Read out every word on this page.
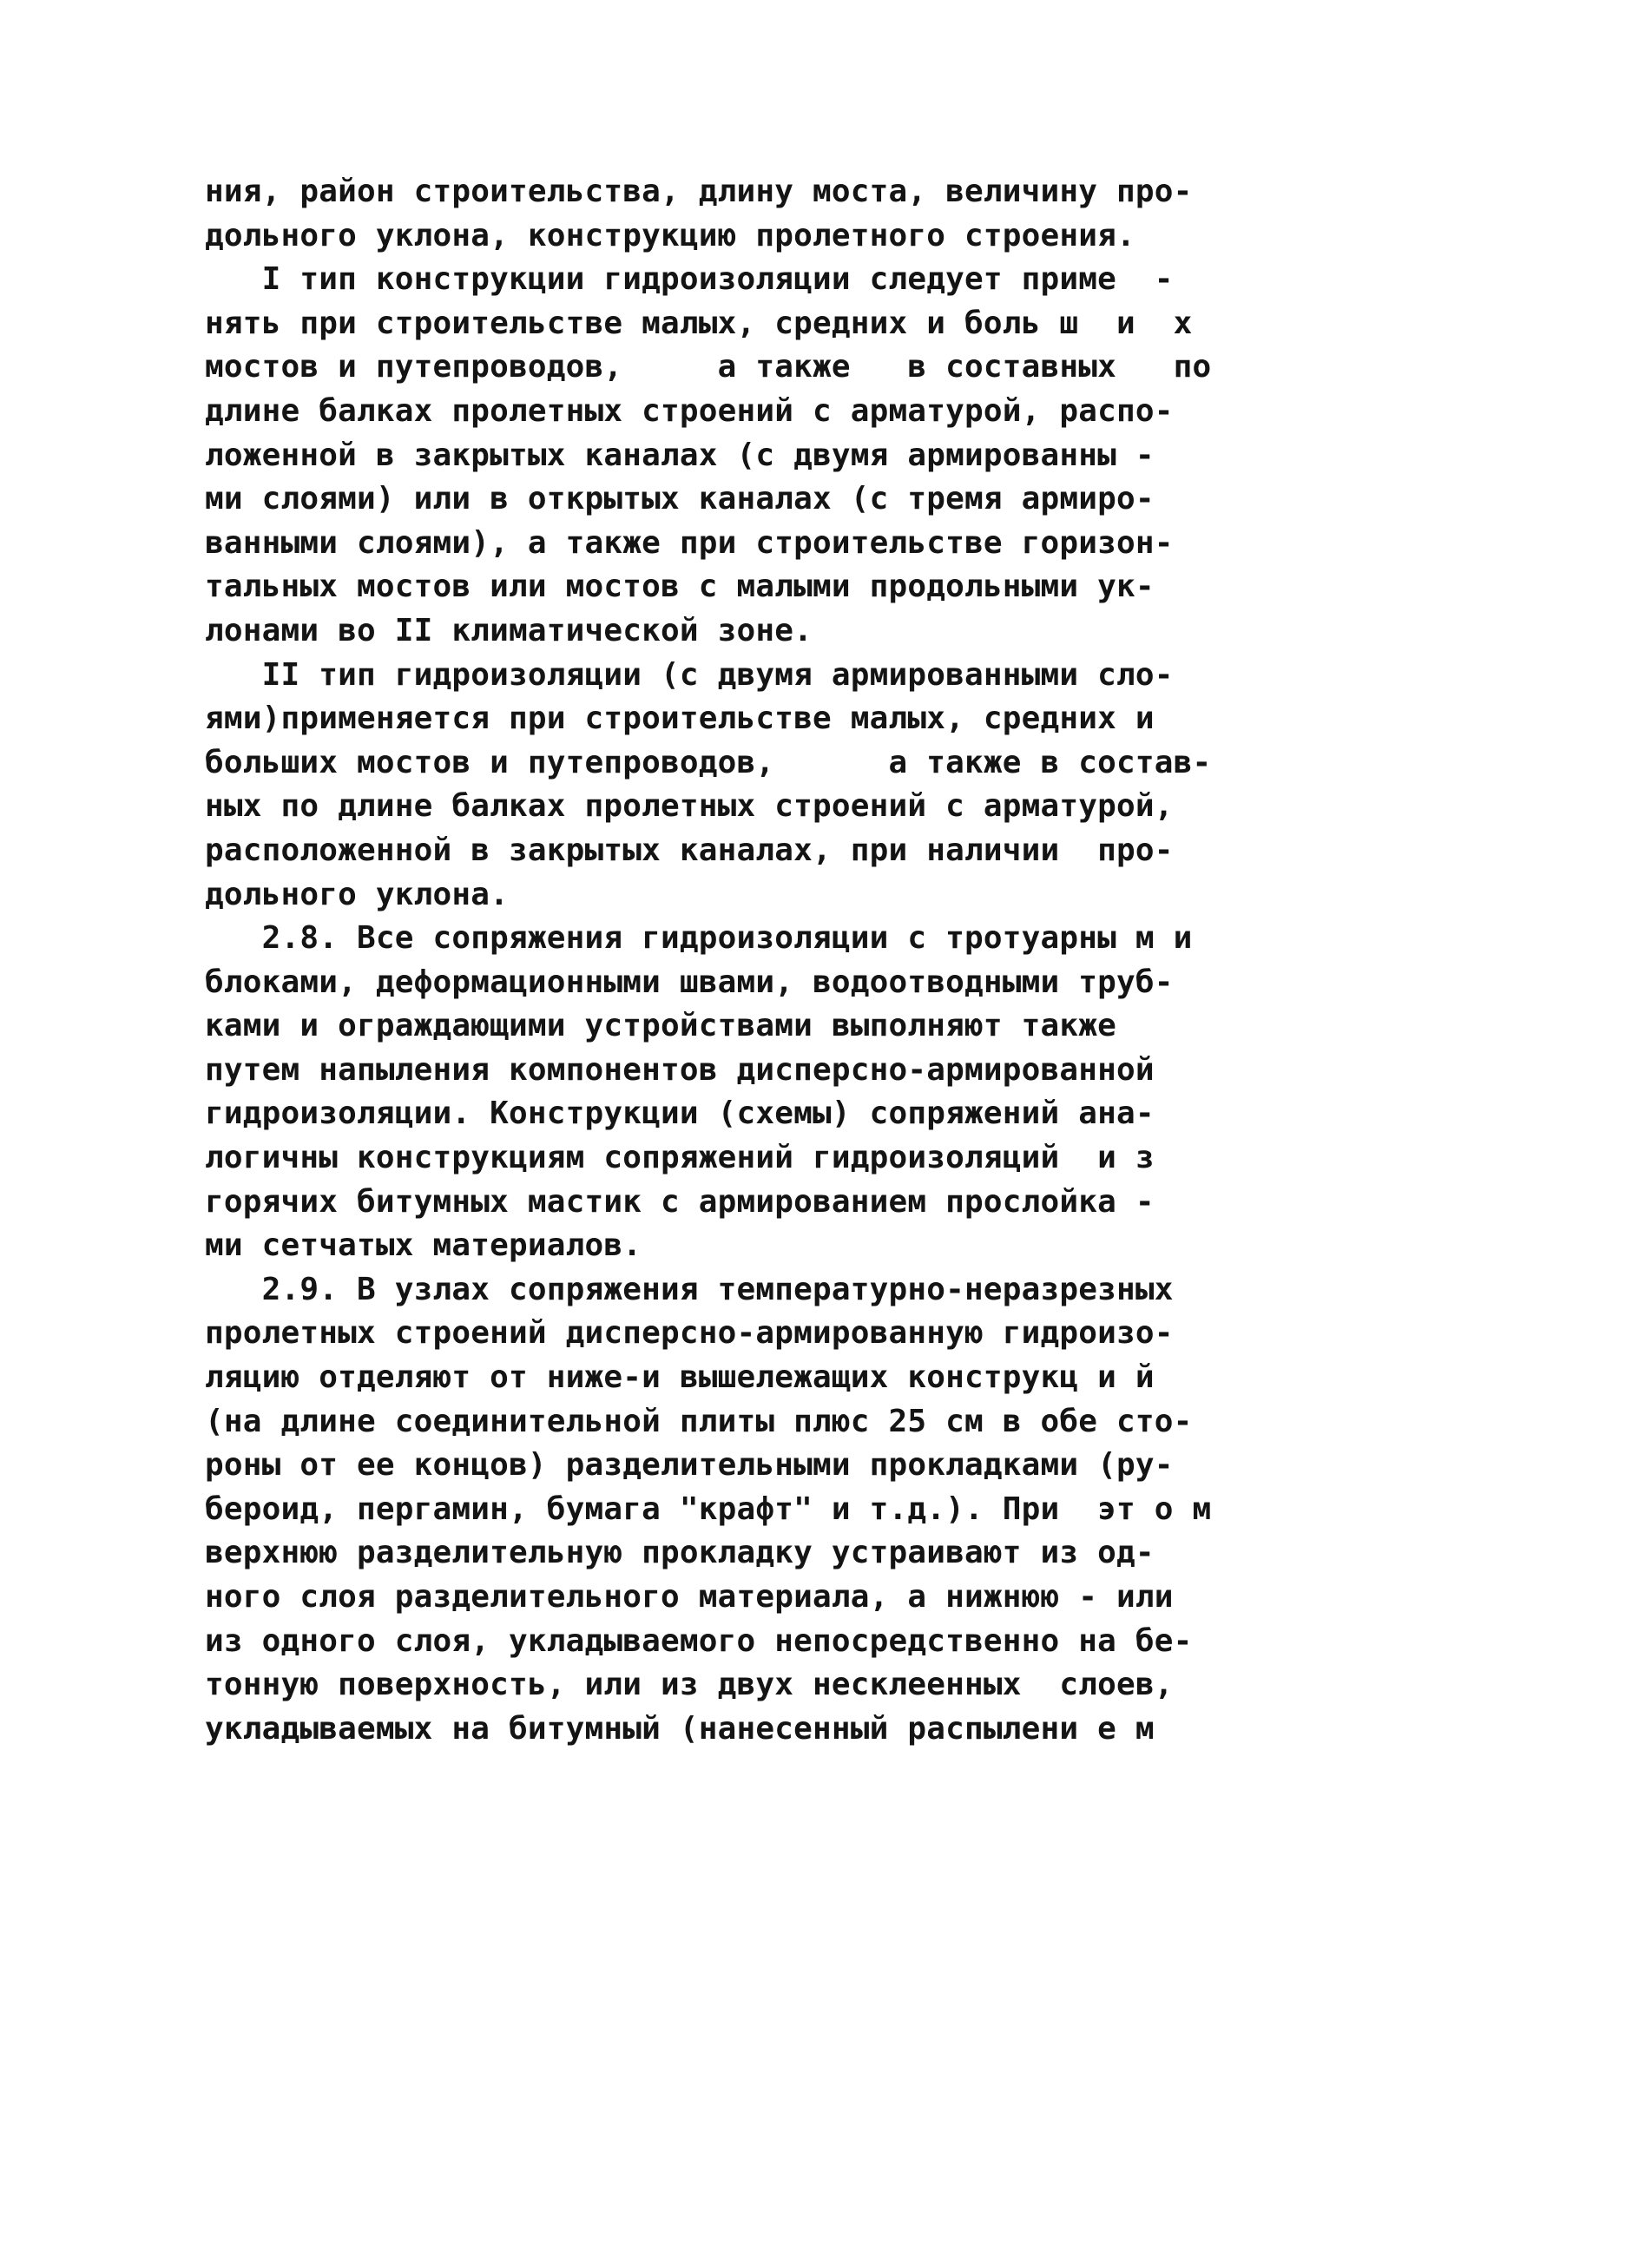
ния, район строительства, длину моста, величину про-
дольного уклона, конструкцию пролетного строения.
I тип конструкции гидроизоляции следует приме  -
нять при строительстве малых, средних и боль ш  и  х
мостов и путепроводов,     а также   в составных   по
длине балках пролетных строений с арматурой, распо-
ложенной в закрытых каналах (с двумя армированны -
ми слоями) или в открытых каналах (с тремя армиро-
ванными слоями), а также при строительстве горизон-
тальных мостов или мостов с малыми продольными ук-
лонами во II климатической зоне.
II тип гидроизоляции (с двумя армированными сло-
ями)применяется при строительстве малых, средних и
больших мостов и путепроводов,      а также в состав-
ных по длине балках пролетных строений с арматурой,
расположенной в закрытых каналах, при наличии  про-
дольного уклона.
2.8. Все сопряжения гидроизоляции с тротуарны м и
блоками, деформационными швами, водоотводными труб-
ками и ограждающими устройствами выполняют также
путем напыления компонентов дисперсно-армированной
гидроизоляции. Конструкции (схемы) сопряжений ана-
логичны конструкциям сопряжений гидроизоляций  и з
горячих битумных мастик с армированием прослойка -
ми сетчатых материалов.
2.9. В узлах сопряжения температурно-неразрезных
пролетных строений дисперсно-армированную гидроизо-
ляцию отделяют от ниже-и вышележащих конструкц и й
(на длине соединительной плиты плюс 25 см в обе сто-
роны от ее концов) разделительными прокладками (ру-
бероид, пергамин, бумага "крафт" и т.д.). При  эт о м
верхнюю разделительную прокладку устраивают из од-
ного слоя разделительного материала, а нижнюю - или
из одного слоя, укладываемого непосредственно на бе-
тонную поверхность, или из двух несклеенных  слоев,
укладываемых на битумный (нанесенный распылени е м
